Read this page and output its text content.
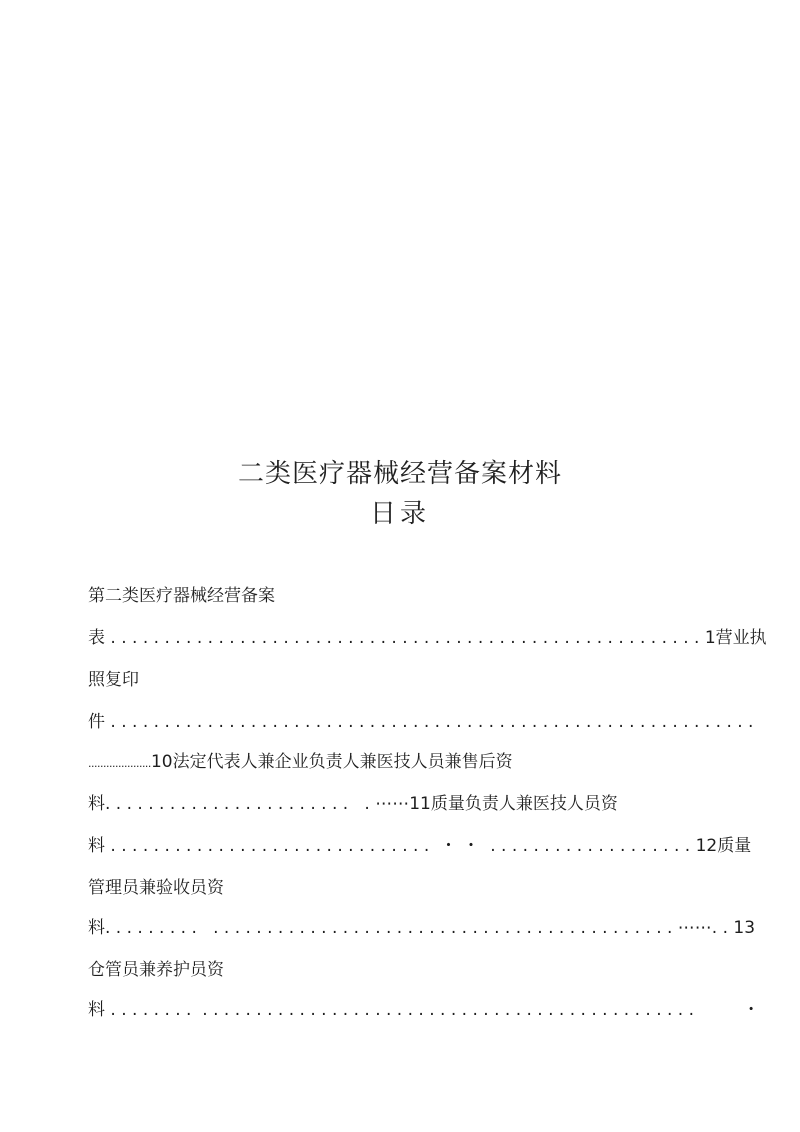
二类医疗器械经营备案材料
日录
第二类医疗器械经营备案
表 . . . . . . . . . . . . . . . . . . . . . . . . . . . . . . . . . . . . . . . . . . . . . . . . . . . . . . . 1营业执
照复印
件 . . . . . . . . . . . . . . . . . . . . . . . . . . . . . . . . . . . . . . . . . . . . . . . . . . . . . . . . . . . .
.....................10法定代表人兼企业负责人兼医技人员兼售后资
料. . . . . . . . . . . . . . . . . . . . . . .   . ⋯⋯11质量负责人兼医技人员资
料 . . . . . . . . . . . . . . . . . . . . . . . . . . . . . .  ・ ・  . . . . . . . . . . . . . . . . . . . 12质量
管理员兼验收员资
料. . . . . . . . .   . . . . . . . . . . . . . . . . . . . . . . . . . . . . . . . . . . . . . . . . . . . ⋯⋯. . 13
仓管员兼养护员资
料 . . . . . . . .  . . . . . . . . . . . . . . . . . . . . . . . . . . . . . . . . . . . . . . . . . . . . . .         ・
